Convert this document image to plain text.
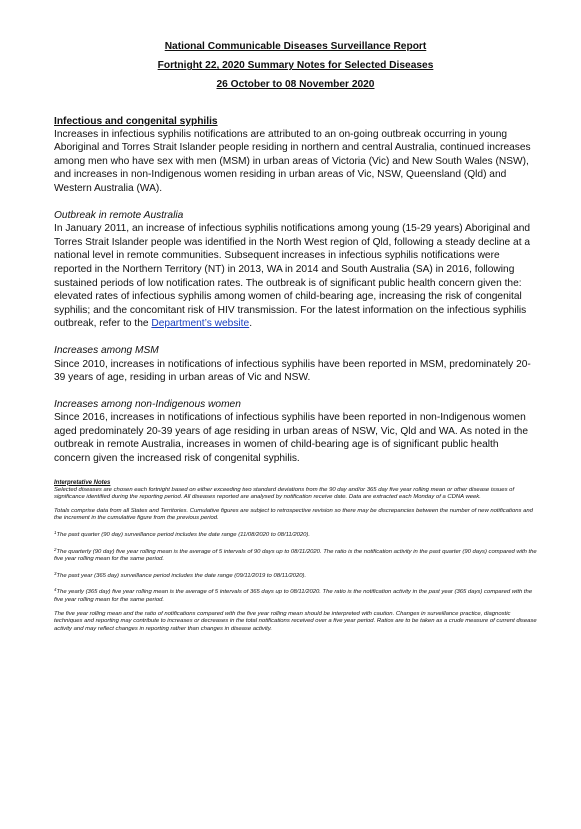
National Communicable Diseases Surveillance Report
Fortnight 22, 2020 Summary Notes for Selected Diseases
26 October to 08 November 2020
Infectious and congenital syphilis

Increases in infectious syphilis notifications are attributed to an on-going outbreak occurring in young Aboriginal and Torres Strait Islander people residing in northern and central Australia, continued increases among men who have sex with men (MSM) in urban areas of Victoria (Vic) and New South Wales (NSW), and increases in non-Indigenous women residing in urban areas of Vic, NSW, Queensland (Qld) and Western Australia (WA).

Outbreak in remote Australia

In January 2011, an increase of infectious syphilis notifications among young (15-29 years) Aboriginal and Torres Strait Islander people was identified in the North West region of Qld, following a steady decline at a national level in remote communities. Subsequent increases in infectious syphilis notifications were reported in the Northern Territory (NT) in 2013, WA in 2014 and South Australia (SA) in 2016, following sustained periods of low notification rates. The outbreak is of significant public health concern given the: elevated rates of infectious syphilis among women of child-bearing age, increasing the risk of congenital syphilis; and the concomitant risk of HIV transmission. For the latest information on the infectious syphilis outbreak, refer to the Department’s website.

Increases among MSM

Since 2010, increases in notifications of infectious syphilis have been reported in MSM, predominately 20-39 years of age, residing in urban areas of Vic and NSW.

Increases among non-Indigenous women

Since 2016, increases in notifications of infectious syphilis have been reported in non-Indigenous women aged predominately 20-39 years of age residing in urban areas of NSW, Vic, Qld and WA. As noted in the outbreak in remote Australia, increases in women of child-bearing age is of significant public health concern given the increased risk of congenital syphilis.

Interpretative Notes

Selected diseases are chosen each fortnight based on either exceeding two standard deviations from the 90 day and/or 365 day five year rolling mean or other disease issues of significance identified during the reporting period. All diseases reported are analysed by notification receive date. Data are extracted each Monday of a CDNA week.

Totals comprise data from all States and Territories. Cumulative figures are subject to retrospective revision so there may be discrepancies between the number of new notifications and the increment in the cumulative figure from the previous period.

$^1$The past quarter (90 day) surveillance period includes the date range (11/08/2020 to 08/11/2020).

$^2$The quarterly (90 day) five year rolling mean is the average of 5 intervals of 90 days up to 08/11/2020. The ratio is the notification activity in the past quarter (90 days) compared with the five year rolling mean for the same period.

$^3$The past year (365 day) surveillance period includes the date range (09/11/2019 to 08/11/2020).

$^4$The yearly (365 day) five year rolling mean is the average of 5 intervals of 365 days up to 08/11/2020. The ratio is the notification activity in the past year (365 days) compared with the five year rolling mean for the same period.

The five year rolling mean and the ratio of notifications compared with the five year rolling mean should be interpreted with caution. Changes in surveillance practice, diagnostic techniques and reporting may contribute to increases or decreases in the total notifications received over a five year period. Ratios are to be taken as a crude measure of current disease activity and may reflect changes in reporting rather than changes in disease activity.
